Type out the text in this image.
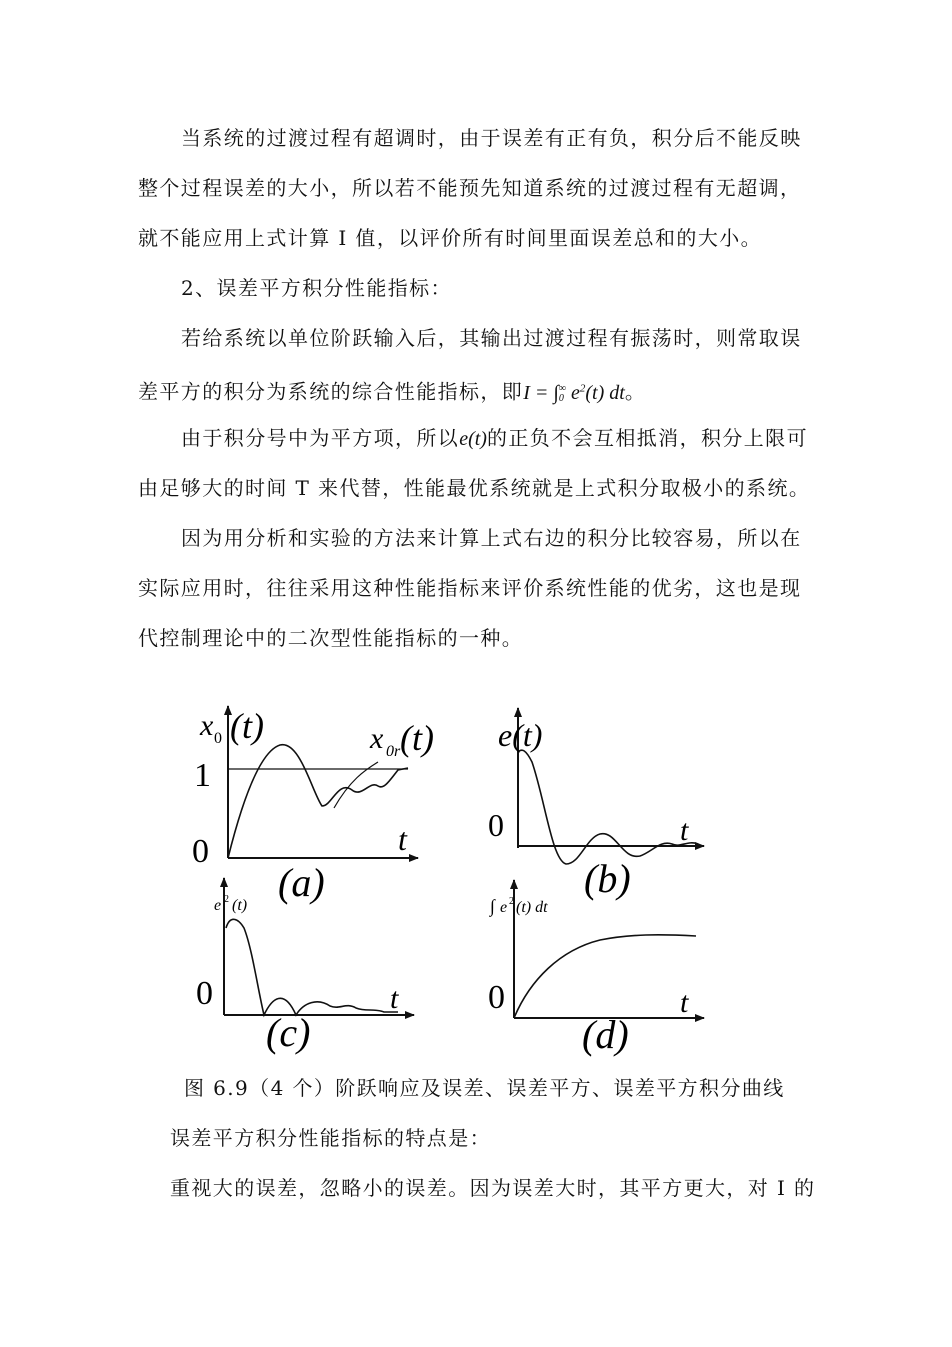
当系统的过渡过程有超调时，由于误差有正有负，积分后不能反映
整个过程误差的大小，所以若不能预先知道系统的过渡过程有无超调，
就不能应用上式计算 I 值，以评价所有时间里面误差总和的大小。
2、误差平方积分性能指标：
若给系统以单位阶跃输入后，其输出过渡过程有振荡时，则常取误
差平方的积分为系统的综合性能指标，即I = ∫ ∞
0 $e^2(t)$ dt。
由于积分号中为平方项，所以e(t)的正负不会互相抵消，积分上限可
由足够大的时间 T 来代替，性能最优系统就是上式积分取极小的系统。
因为用分析和实验的方法来计算上式右边的积分比较容易，所以在
实际应用时，往往采用这种性能指标来评价系统性能的优劣，这也是现
代控制理论中的二次型性能指标的一种。
x 0 (t)	x 0r (t)
1
0	t
(a)
e(t)
0	t
(b)
e 2 (t)
0	t
(c)
∫ e 2 (t) dt
0	t
(d)
图 6.9（4 个）阶跃响应及误差、误差平方、误差平方积分曲线
误差平方积分性能指标的特点是：
重视大的误差，忽略小的误差。因为误差大时，其平方更大，对 I 的
